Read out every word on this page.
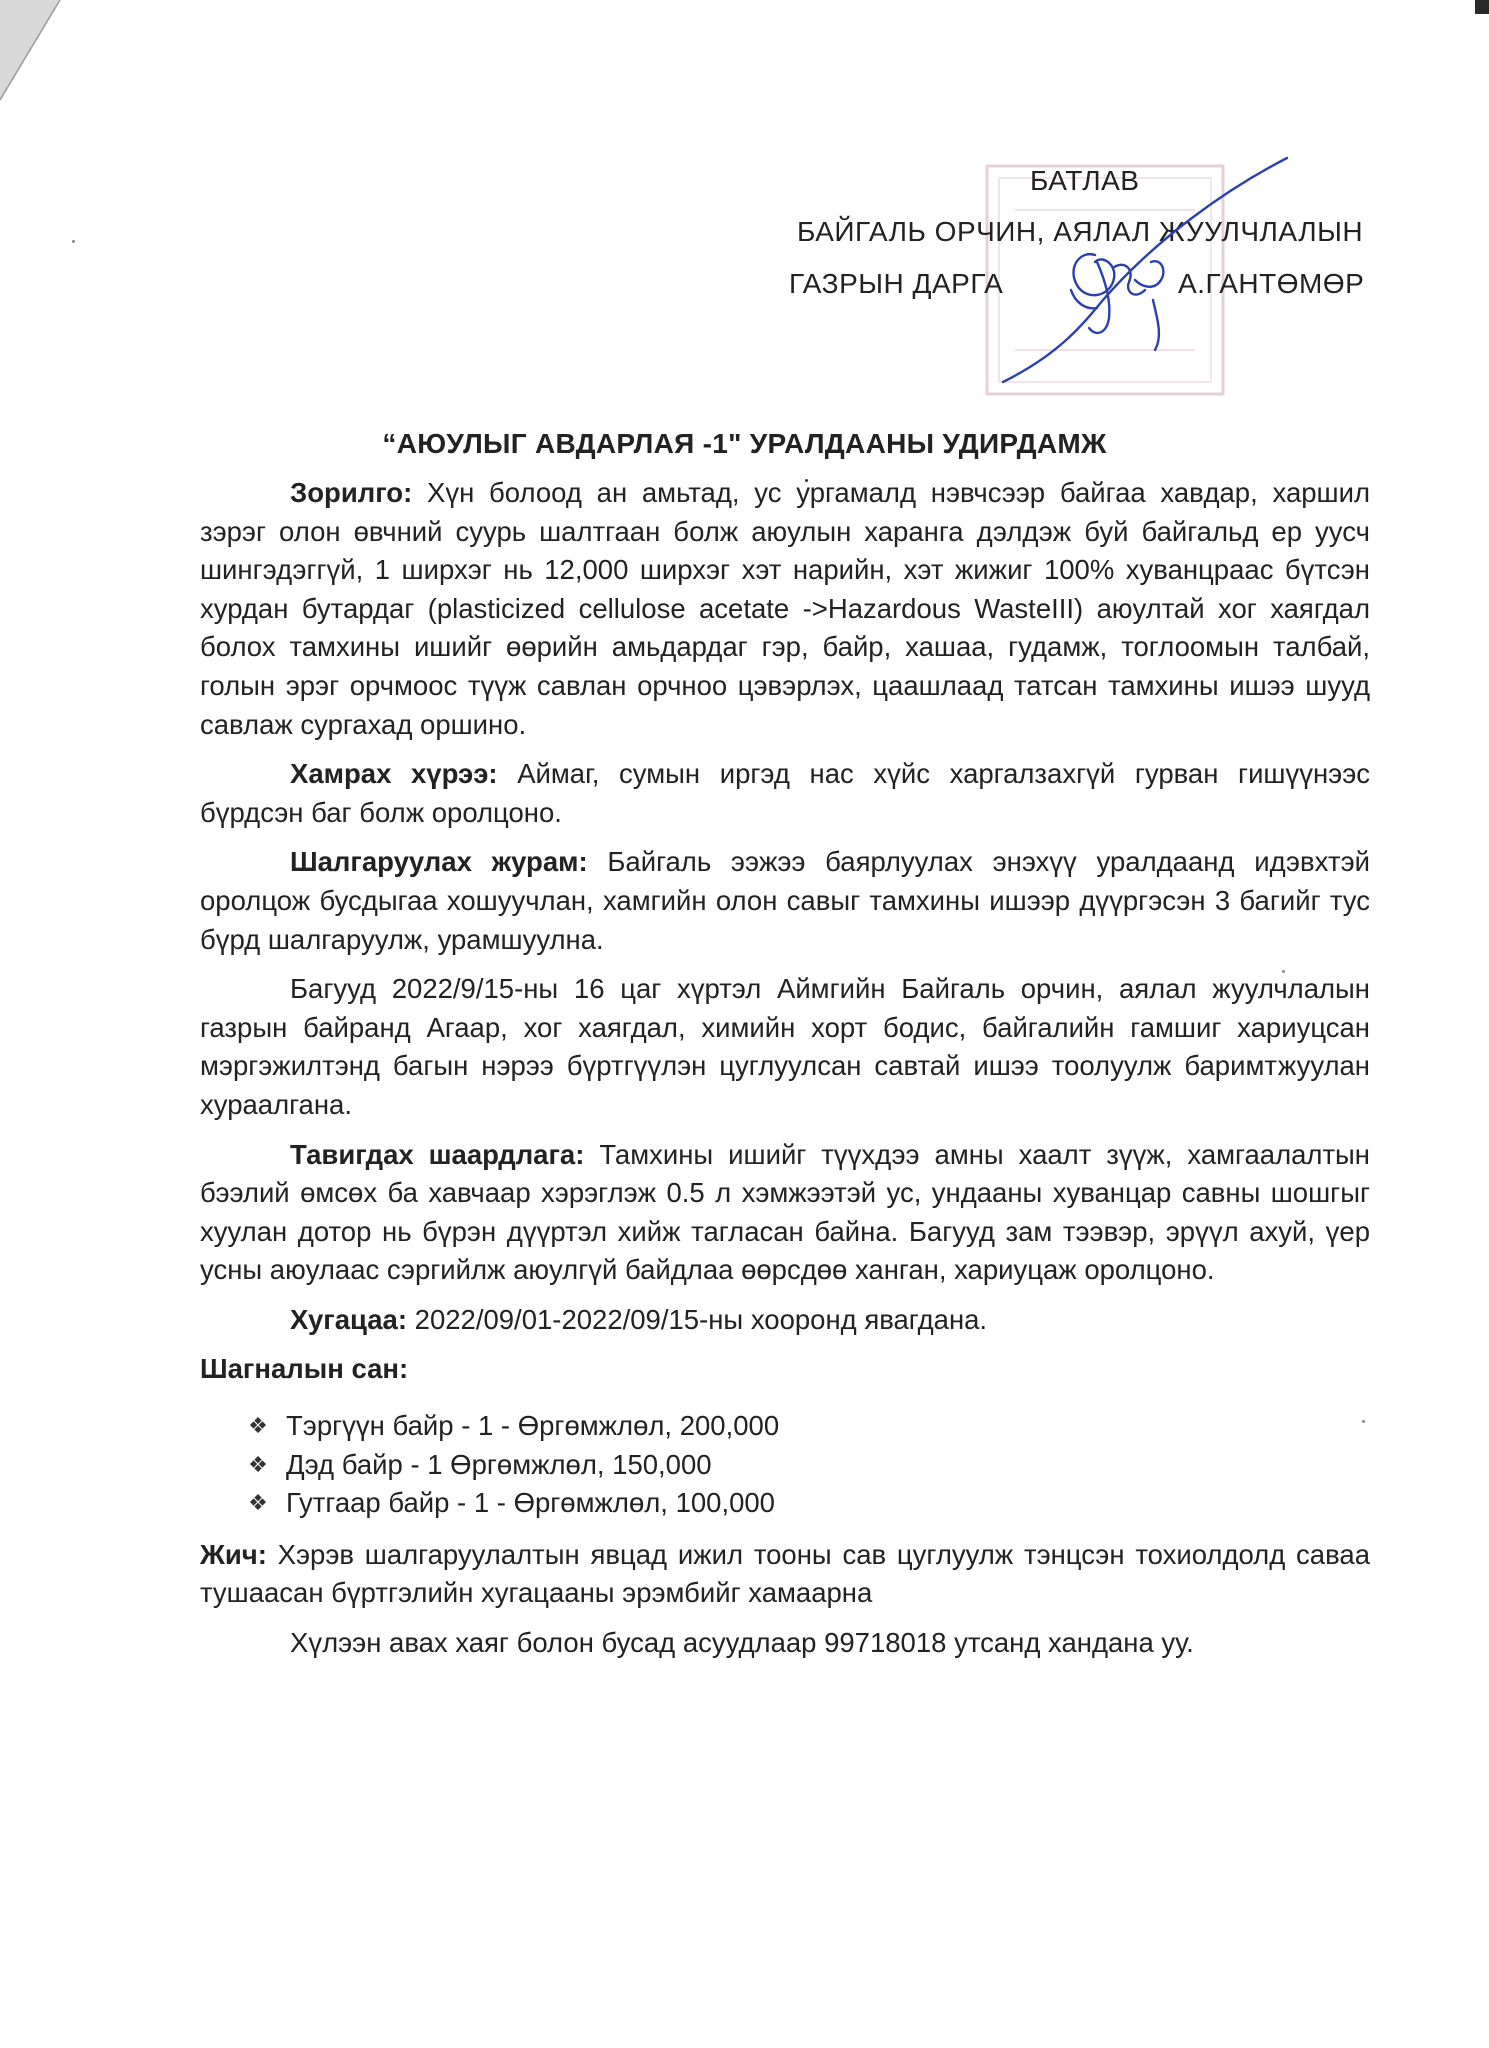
БАТЛАВ
БАЙГАЛЬ ОРЧИН, АЯЛАЛ ЖУУЛЧЛАЛЫН
ГАЗРЫН ДАРГА	А.ГАНТӨМӨР
“АЮУЛЫГ АВДАРЛАЯ -1" УРАЛДААНЫ УДИРДАМЖ

Зорилго: Хүн болоод ан амьтад, ус ургамалд нэвчсээр байгаа хавдар, харшил зэрэг олон өвчний суурь шалтгаан болж аюулын харанга дэлдэж буй байгальд ер уусч шингэдэггүй, 1 ширхэг нь 12,000 ширхэг хэт нарийн, хэт жижиг 100% хуванцраас бүтсэн хурдан бутардаг (plasticized cellulose acetate ->Hazardous WasteIII) аюултай хог хаягдал болох тамхины ишийг өөрийн амьдардаг гэр, байр, хашаа, гудамж, тоглоомын талбай, голын эрэг орчмоос түүж савлан орчноо цэвэрлэх, цаашлаад татсан тамхины ишээ шууд савлаж сургахад оршино.

Хамрах хүрээ: Аймаг, сумын иргэд нас хүйс харгалзахгүй гурван гишүүнээс бүрдсэн баг болж оролцоно.

Шалгаруулах журам: Байгаль ээжээ баярлуулах энэхүү уралдаанд идэвхтэй оролцож бусдыгаа хошуучлан, хамгийн олон савыг тамхины ишээр дүүргэсэн 3 багийг тус бүрд шалгаруулж, урамшуулна.

Багууд 2022/9/15-ны 16 цаг хүртэл Аймгийн Байгаль орчин, аялал жуулчлалын газрын байранд Агаар, хог хаягдал, химийн хорт бодис, байгалийн гамшиг хариуцсан мэргэжилтэнд багын нэрээ бүртгүүлэн цуглуулсан савтай ишээ тоолуулж баримтжуулан хураалгана.

Тавигдах шаардлага: Тамхины ишийг түүхдээ амны хаалт зүүж, хамгаалалтын бээлий өмсөх ба хавчаар хэрэглэж 0.5 л хэмжээтэй ус, ундааны хуванцар савны шошгыг хуулан дотор нь бүрэн дүүртэл хийж тагласан байна. Багууд зам тээвэр, эрүүл ахуй, үер усны аюулаас сэргийлж аюулгүй байдлаа өөрсдөө ханган, хариуцаж оролцоно.

Хугацаа: 2022/09/01-2022/09/15-ны хооронд явагдана.

Шагналын сан:
❖ Тэргүүн байр - 1 - Өргөмжлөл, 200,000
❖ Дэд байр - 1 Өргөмжлөл, 150,000
❖ Гутгаар байр - 1 - Өргөмжлөл, 100,000

Жич: Хэрэв шалгаруулалтын явцад ижил тооны сав цуглуулж тэнцсэн тохиолдолд саваа тушаасан бүртгэлийн хугацааны эрэмбийг хамаарна

Хүлээн авах хаяг болон бусад асуудлаар 99718018 утсанд хандана уу.
